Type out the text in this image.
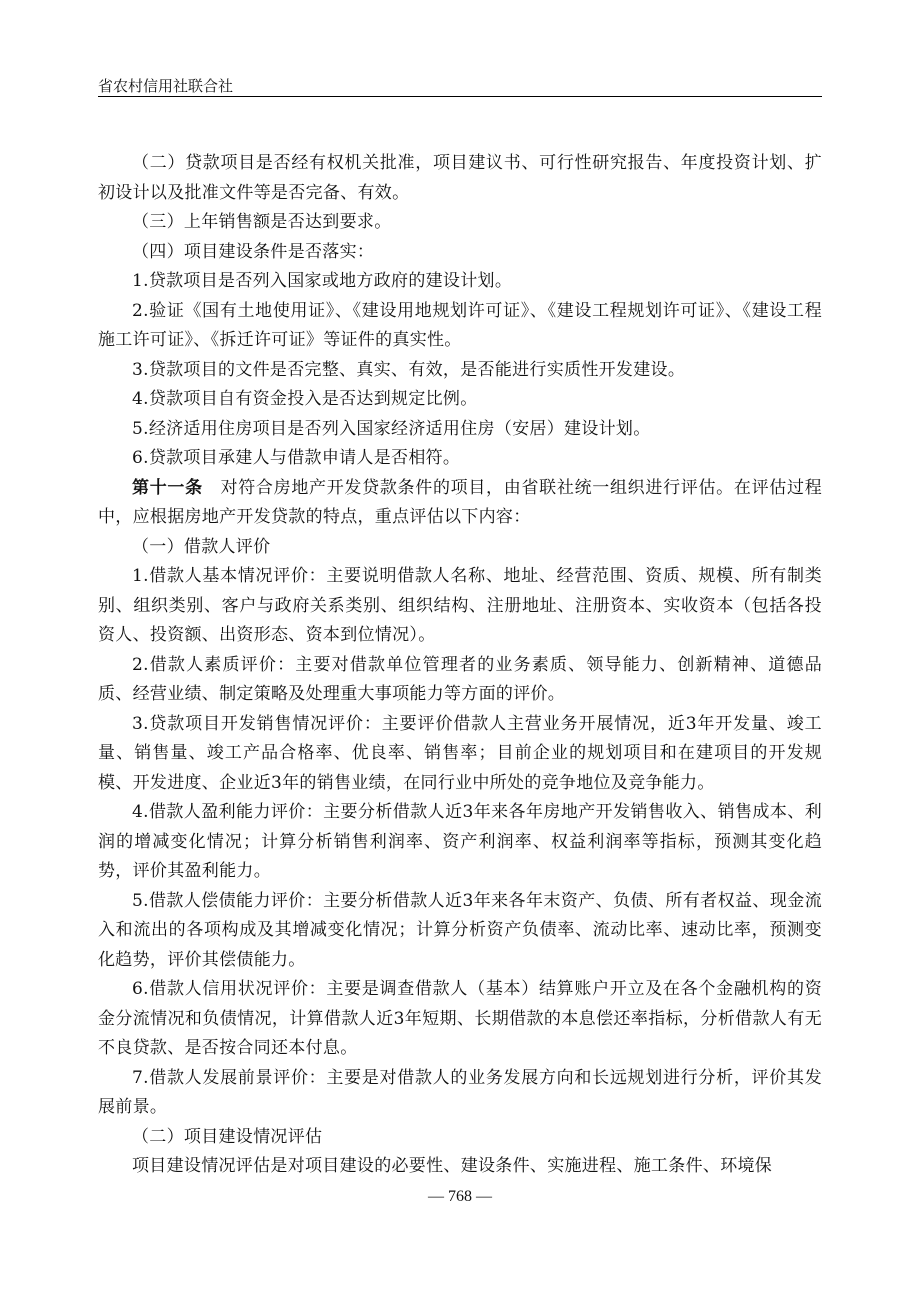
省农村信用社联合社

（二）贷款项目是否经有权机关批准，项目建议书、可行性研究报告、年度投资计划、扩初设计以及批准文件等是否完备、有效。

（三）上年销售额是否达到要求。

（四）项目建设条件是否落实：

1.贷款项目是否列入国家或地方政府的建设计划。

2.验证《国有土地使用证》、《建设用地规划许可证》、《建设工程规划许可证》、《建设工程施工许可证》、《拆迁许可证》等证件的真实性。

3.贷款项目的文件是否完整、真实、有效，是否能进行实质性开发建设。

4.贷款项目自有资金投入是否达到规定比例。

5.经济适用住房项目是否列入国家经济适用住房（安居）建设计划。

6.贷款项目承建人与借款申请人是否相符。

第十一条　对符合房地产开发贷款条件的项目，由省联社统一组织进行评估。在评估过程中，应根据房地产开发贷款的特点，重点评估以下内容：

（一）借款人评价

1.借款人基本情况评价：主要说明借款人名称、地址、经营范围、资质、规模、所有制类别、组织类别、客户与政府关系类别、组织结构、注册地址、注册资本、实收资本（包括各投资人、投资额、出资形态、资本到位情况）。

2.借款人素质评价：主要对借款单位管理者的业务素质、领导能力、创新精神、道德品质、经营业绩、制定策略及处理重大事项能力等方面的评价。

3.贷款项目开发销售情况评价：主要评价借款人主营业务开展情况，近3年开发量、竣工量、销售量、竣工产品合格率、优良率、销售率；目前企业的规划项目和在建项目的开发规模、开发进度、企业近3年的销售业绩，在同行业中所处的竞争地位及竞争能力。

4.借款人盈利能力评价：主要分析借款人近3年来各年房地产开发销售收入、销售成本、利润的增减变化情况；计算分析销售利润率、资产利润率、权益利润率等指标，预测其变化趋势，评价其盈利能力。

5.借款人偿债能力评价：主要分析借款人近3年来各年末资产、负债、所有者权益、现金流入和流出的各项构成及其增减变化情况；计算分析资产负债率、流动比率、速动比率，预测变化趋势，评价其偿债能力。

6.借款人信用状况评价：主要是调查借款人（基本）结算账户开立及在各个金融机构的资金分流情况和负债情况，计算借款人近3年短期、长期借款的本息偿还率指标，分析借款人有无不良贷款、是否按合同还本付息。

7.借款人发展前景评价：主要是对借款人的业务发展方向和长远规划进行分析，评价其发展前景。

（二）项目建设情况评估

项目建设情况评估是对项目建设的必要性、建设条件、实施进程、施工条件、环境保

— 768 —
